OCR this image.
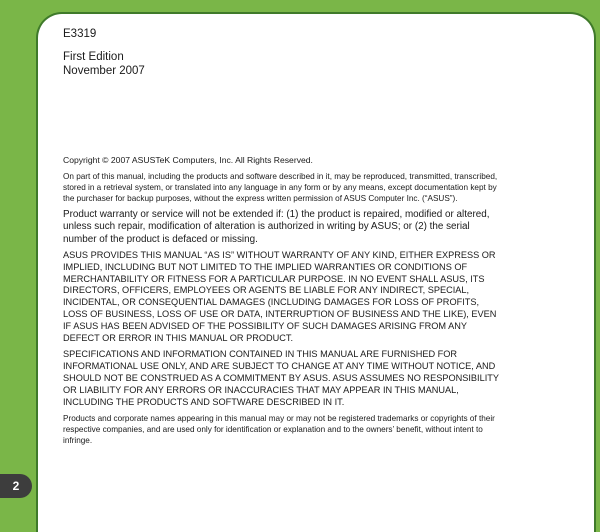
2
E3319
First Edition
November 2007

Copyright © 2007 ASUSTeK Computers, Inc. All Rights Reserved.

On part of this manual, including the products and software described in it, may be reproduced, transmitted, transcribed, stored in a retrieval system, or translated into any language in any form or by any means, except documentation kept by the purchaser for backup purposes, without the express written permission of ASUS Computer Inc. (“ASUS”).

Product warranty or service will not be extended if: (1) the product is repaired, modified or altered, unless such repair, modification of alteration is authorized in writing by ASUS; or (2) the serial number of the product is defaced or missing.

ASUS PROVIDES THIS MANUAL “AS IS” WITHOUT WARRANTY OF ANY KIND, EITHER EXPRESS OR IMPLIED, INCLUDING BUT NOT LIMITED TO THE IMPLIED WARRANTIES OR CONDITIONS OF MERCHANTABILITY OR FITNESS FOR A PARTICULAR PURPOSE. IN NO EVENT SHALL ASUS, ITS DIRECTORS, OFFICERS, EMPLOYEES OR AGENTS BE LIABLE FOR ANY INDIRECT, SPECIAL, INCIDENTAL, OR CONSEQUENTIAL DAMAGES (INCLUDING DAMAGES FOR LOSS OF PROFITS, LOSS OF BUSINESS, LOSS OF USE OR DATA, INTERRUPTION OF BUSINESS AND THE LIKE), EVEN IF ASUS HAS BEEN ADVISED OF THE POSSIBILITY OF SUCH DAMAGES ARISING FROM ANY DEFECT OR ERROR IN THIS MANUAL OR PRODUCT.

SPECIFICATIONS AND INFORMATION CONTAINED IN THIS MANUAL ARE FURNISHED FOR INFORMATIONAL USE ONLY, AND ARE SUBJECT TO CHANGE AT ANY TIME WITHOUT NOTICE, AND SHOULD NOT BE CONSTRUED AS A COMMITMENT BY ASUS. ASUS ASSUMES NO RESPONSIBILITY OR LIABILITY FOR ANY ERRORS OR INACCURACIES THAT MAY APPEAR IN THIS MANUAL, INCLUDING THE PRODUCTS AND SOFTWARE DESCRIBED IN IT.

Products and corporate names appearing in this manual may or may not be registered trademarks or copyrights of their respective companies, and are used only for identification or explanation and to the owners’ benefit, without intent to infringe.
